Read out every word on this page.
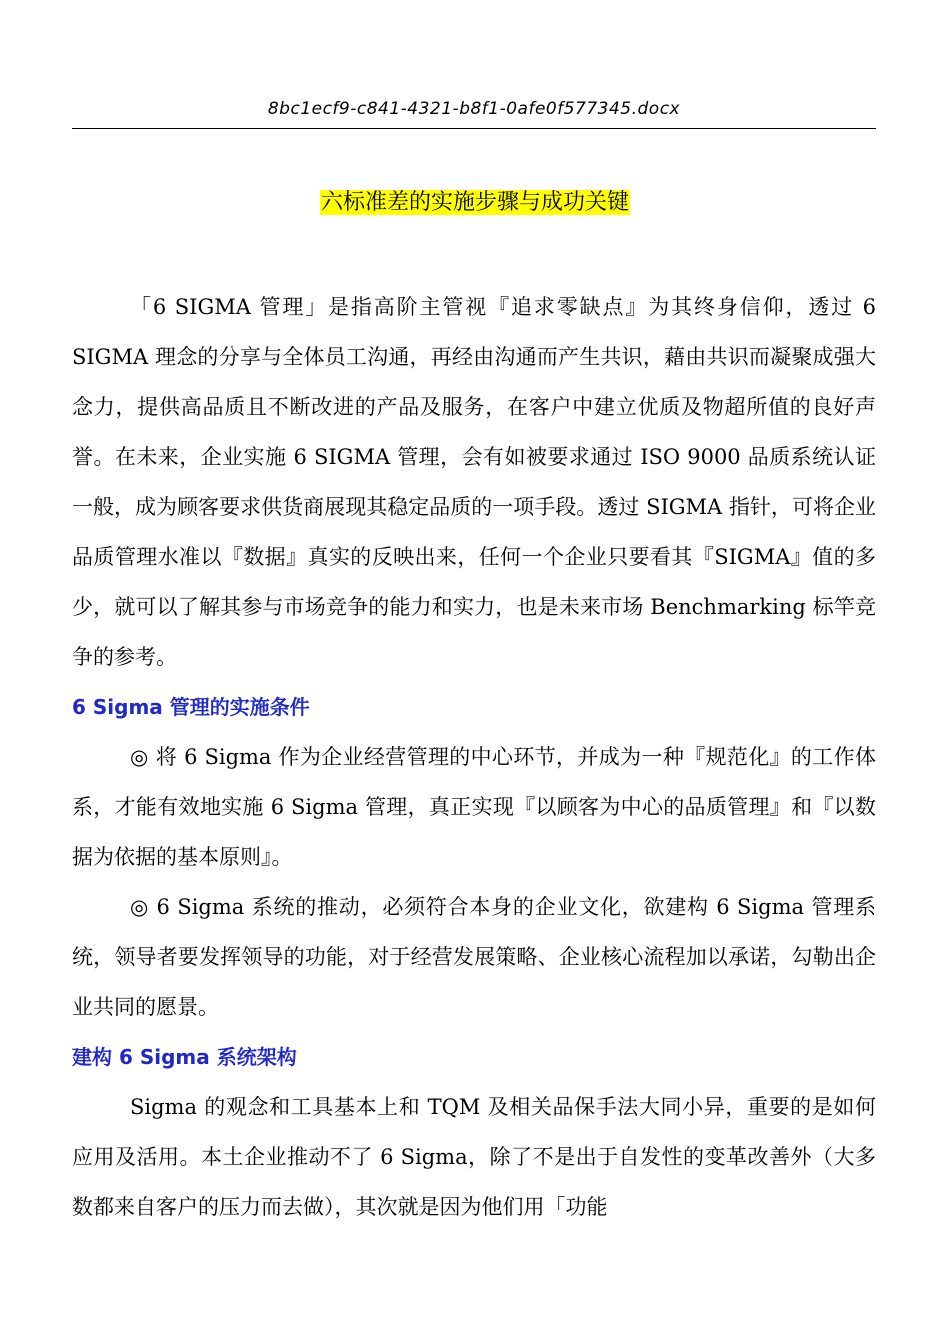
8bc1ecf9-c841-4321-b8f1-0afe0f577345.docx
六标准差的实施步骤与成功关键

「6 SIGMA 管理」是指高阶主管视『追求零缺点』为其终身信仰，透过 6 SIGMA 理念的分享与全体员工沟通，再经由沟通而产生共识，藉由共识而凝聚成强大念力，提供高品质且不断改进的产品及服务，在客户中建立优质及物超所值的良好声誉。在未来，企业实施 6 SIGMA 管理，会有如被要求通过 ISO 9000 品质系统认证一般，成为顾客要求供货商展现其稳定品质的一项手段。透过 SIGMA 指针，可将企业品质管理水准以『数据』真实的反映出来，任何一个企业只要看其『SIGMA』值的多少，就可以了解其参与市场竞争的能力和实力，也是未来市场 Benchmarking 标竿竞争的参考。

6 Sigma 管理的实施条件

◎ 将 6 Sigma 作为企业经营管理的中心环节，并成为一种『规范化』的工作体系，才能有效地实施 6 Sigma 管理，真正实现『以顾客为中心的品质管理』和『以数据为依据的基本原则』。

◎ 6 Sigma 系统的推动，必须符合本身的企业文化，欲建构 6 Sigma 管理系统，领导者要发挥领导的功能，对于经营发展策略、企业核心流程加以承诺，勾勒出企业共同的愿景。

建构 6 Sigma 系统架构

Sigma 的观念和工具基本上和 TQM 及相关品保手法大同小异，重要的是如何应用及活用。本土企业推动不了 6 Sigma，除了不是出于自发性的变革改善外（大多数都来自客户的压力而去做），其次就是因为他们用「功能
